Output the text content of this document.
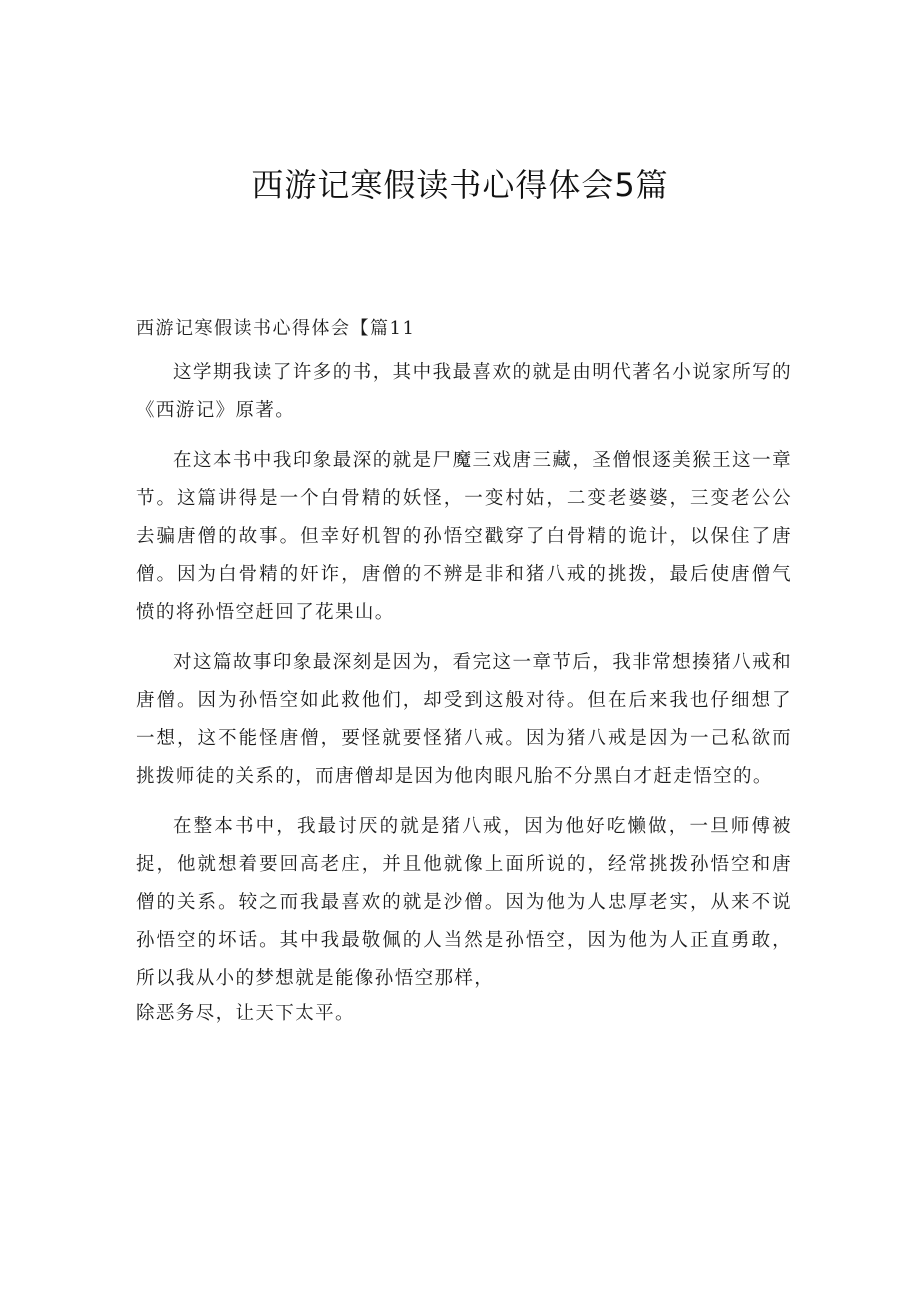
西游记寒假读书心得体会5篇
西游记寒假读书心得体会【篇11

这学期我读了许多的书，其中我最喜欢的就是由明代著名小说家所写的《西游记》原著。

在这本书中我印象最深的就是尸魔三戏唐三藏，圣僧恨逐美猴王这一章节。这篇讲得是一个白骨精的妖怪，一变村姑，二变老婆婆，三变老公公去骗唐僧的故事。但幸好机智的孙悟空戳穿了白骨精的诡计，以保住了唐僧。因为白骨精的奸诈，唐僧的不辨是非和猪八戒的挑拨，最后使唐僧气愤的将孙悟空赶回了花果山。

对这篇故事印象最深刻是因为，看完这一章节后，我非常想揍猪八戒和唐僧。因为孙悟空如此救他们，却受到这般对待。但在后来我也仔细想了一想，这不能怪唐僧，要怪就要怪猪八戒。因为猪八戒是因为一己私欲而挑拨师徒的关系的，而唐僧却是因为他肉眼凡胎不分黑白才赶走悟空的。

在整本书中，我最讨厌的就是猪八戒，因为他好吃懒做，一旦师傅被捉，他就想着要回高老庄，并且他就像上面所说的，经常挑拨孙悟空和唐僧的关系。较之而我最喜欢的就是沙僧。因为他为人忠厚老实，从来不说孙悟空的坏话。其中我最敬佩的人当然是孙悟空，因为他为人正直勇敢，所以我从小的梦想就是能像孙悟空那样，

除恶务尽，让天下太平。
